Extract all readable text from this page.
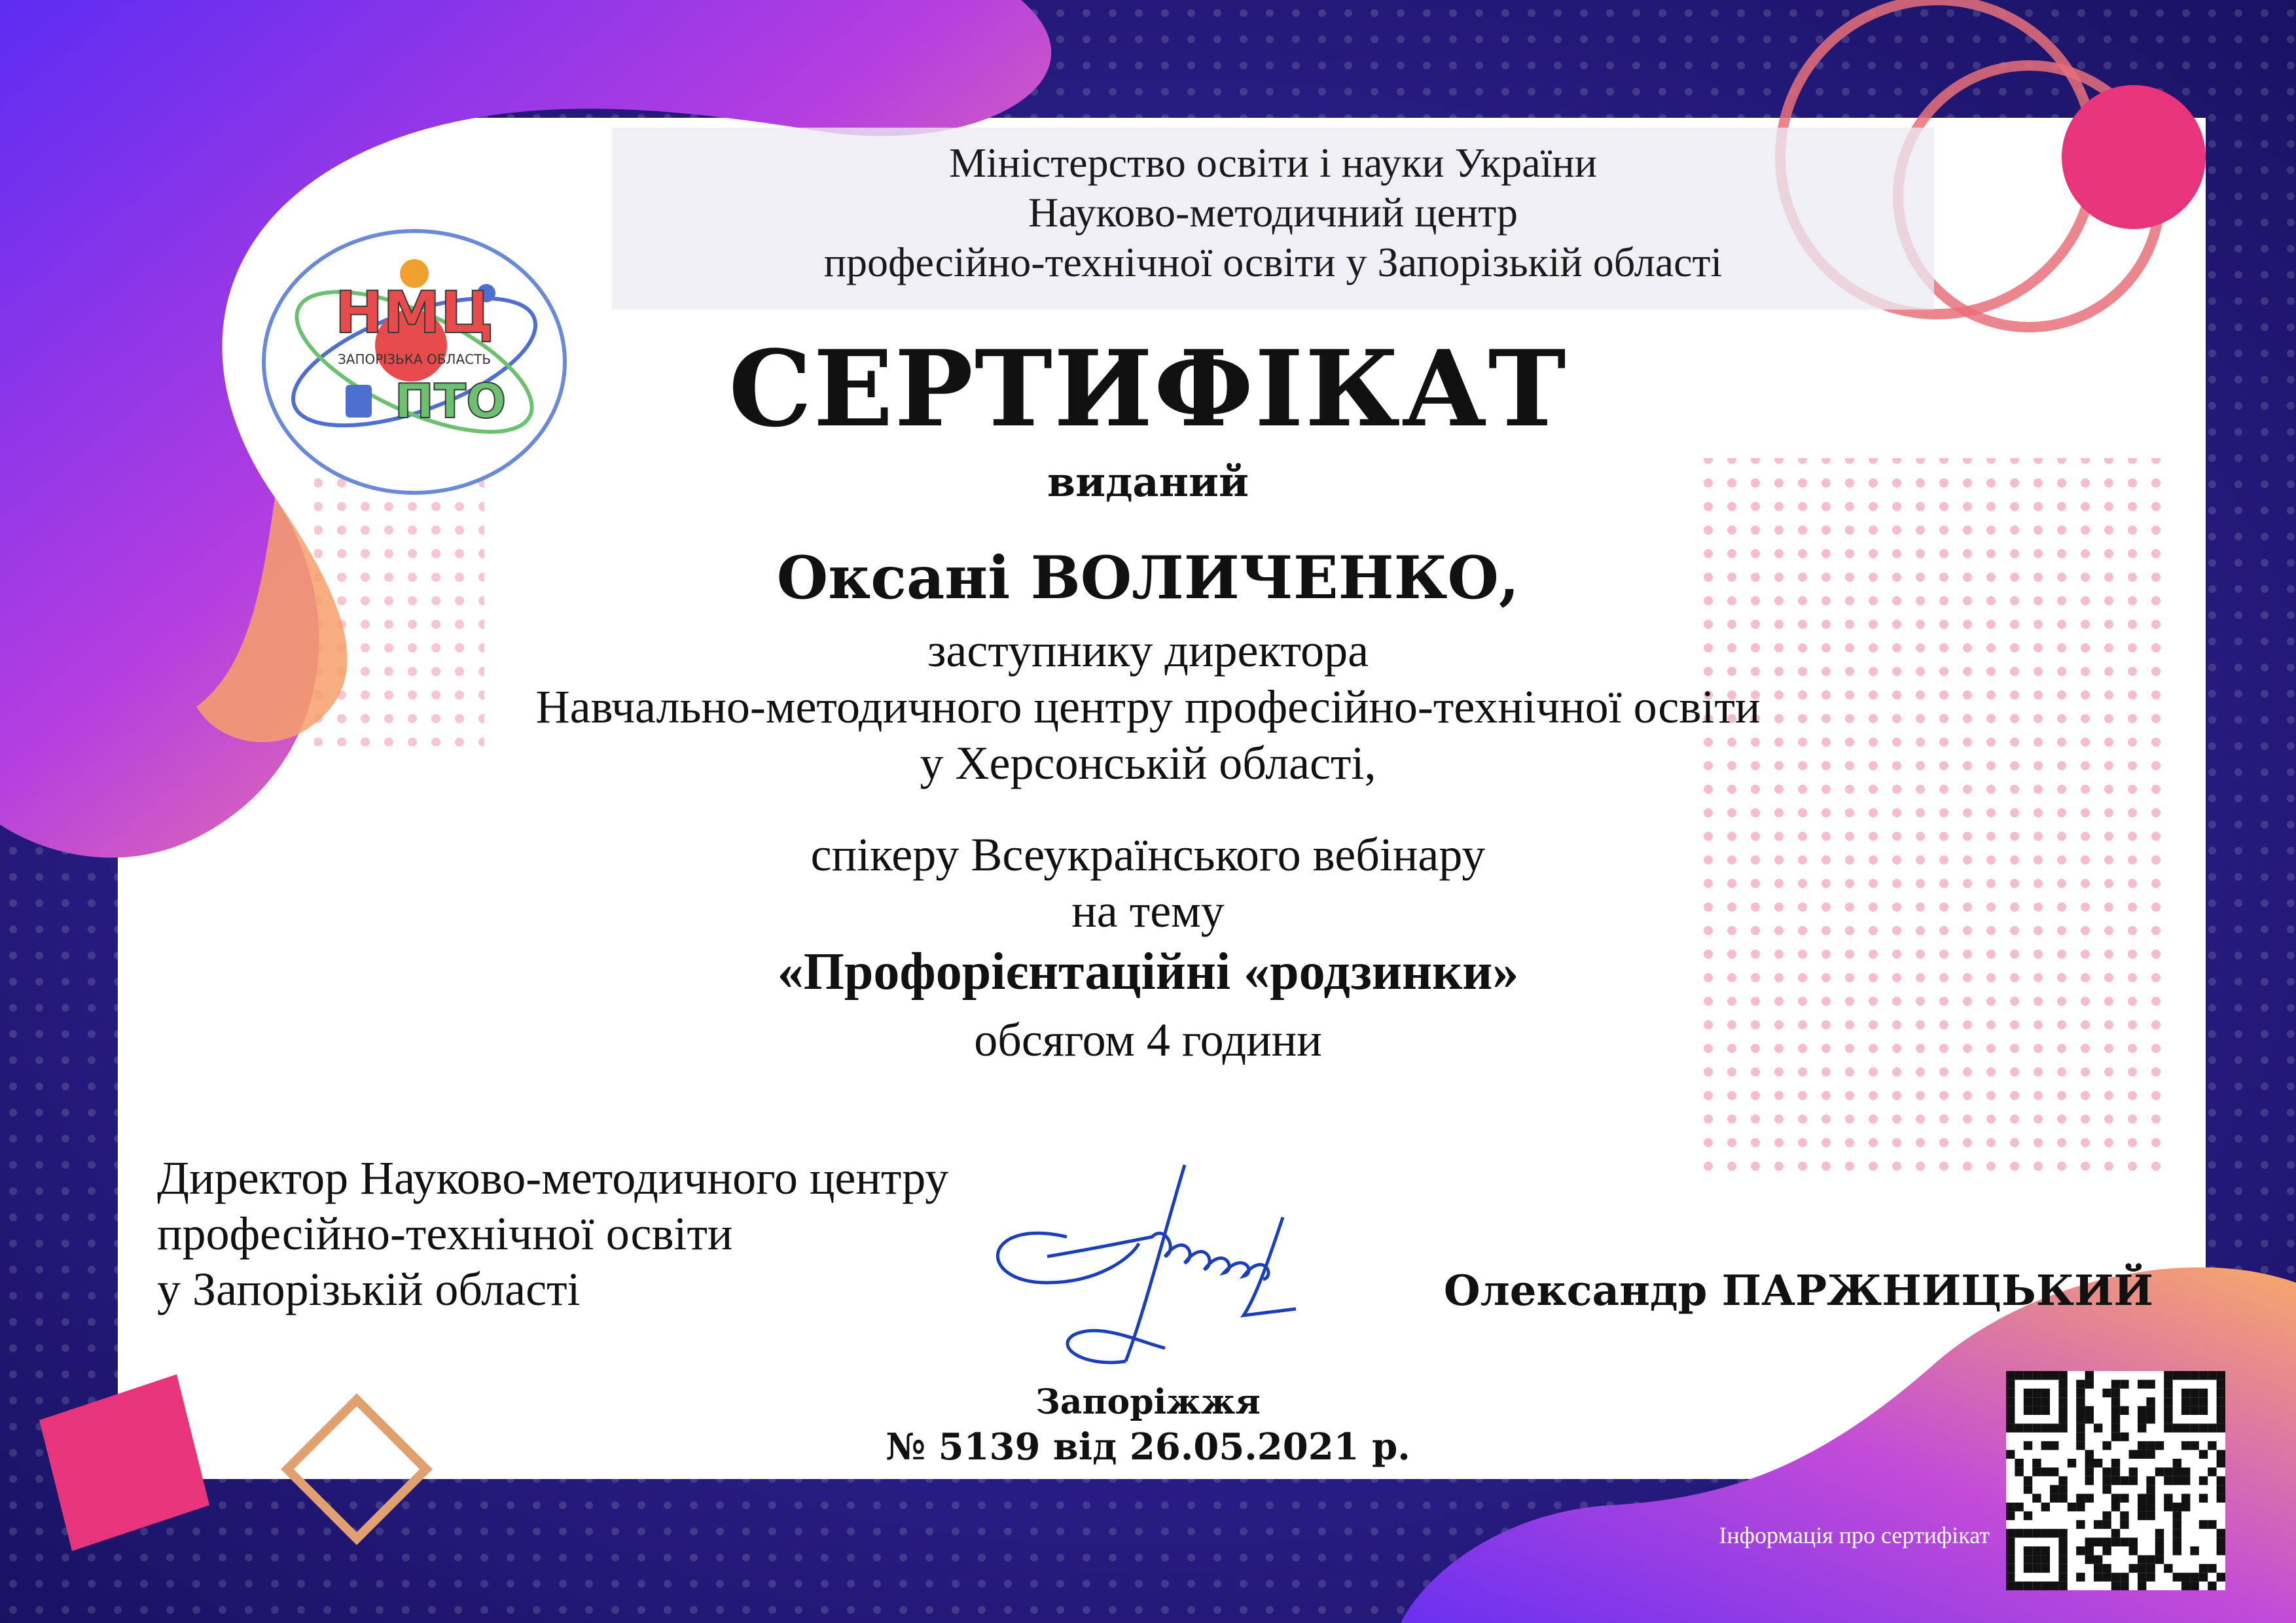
НМЦ
ЗАПОРІЗЬКА ОБЛАСТЬ
ПТО
Міністерство освіти і науки України
Науково-методичний центр
професійно-технічної освіти у Запорізькій області
СЕРТИФІКАТ
виданий
Оксані ВОЛИЧЕНКО,
заступнику директора
Навчально-методичного центру професійно-технічної освіти
у Херсонській області,
спікеру Всеукраїнського вебінару
на тему
«Профорієнтаційні «родзинки»
обсягом 4 години
Директор Науково-методичного центру
професійно-технічної освіти
у Запорізькій області	Олександр ПАРЖНИЦЬКИЙ
Запоріжжя
№ 5139 від 26.05.2021 р.
Інформація про сертифікат
